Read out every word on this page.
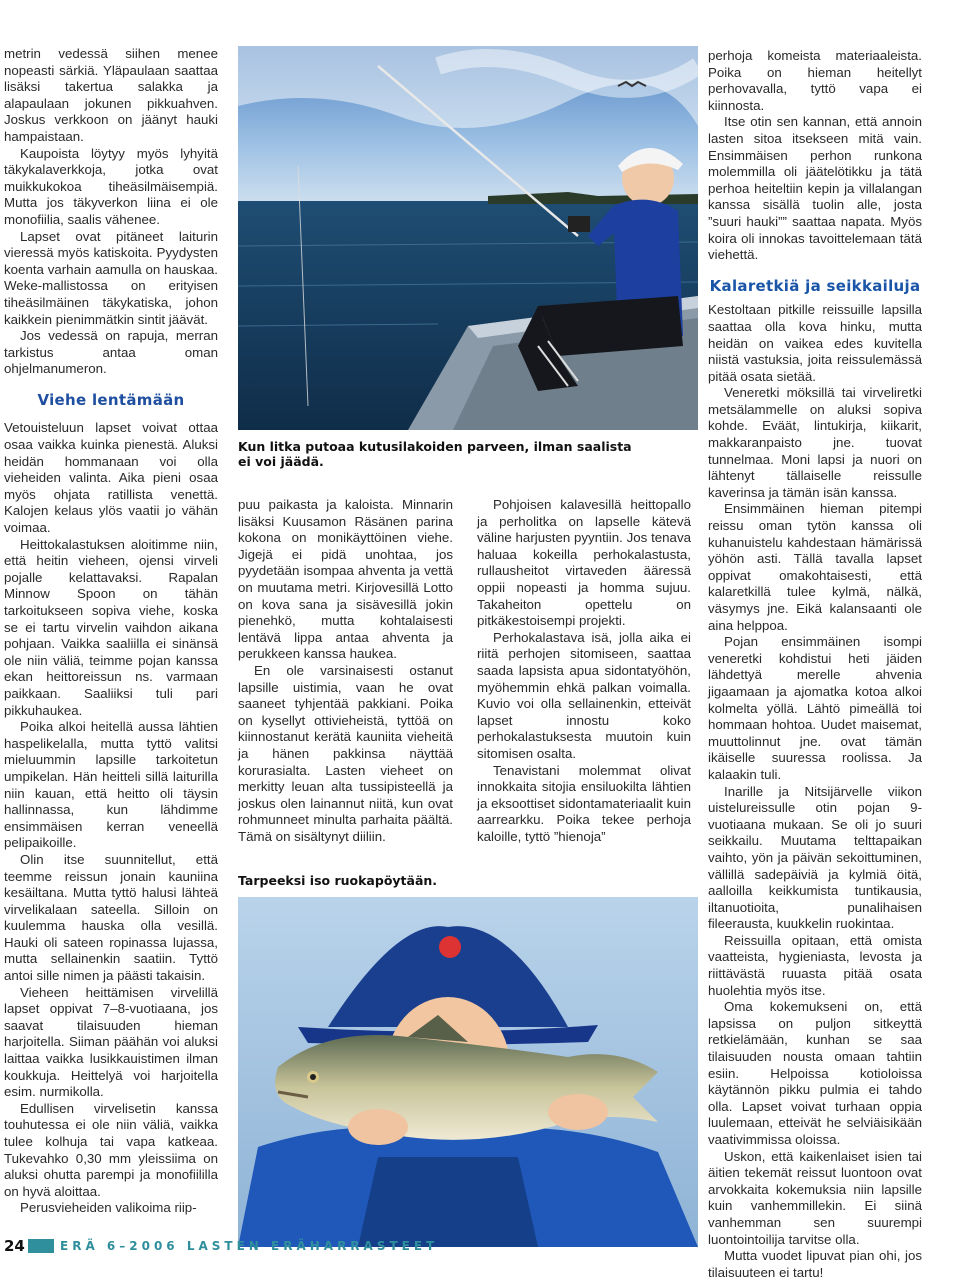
metrin vedessä siihen menee nopeasti särkiä. Yläpaulaan saattaa lisäksi takertua salakka ja alapaulaan jokunen pikkuahven. Joskus verkkoon on jäänyt hauki hampaistaan.

Kaupoista löytyy myös lyhyitä täkykalaverkkoja, jotka ovat muikkukokoa tiheäsilmäisempiä. Mutta jos täkyverkon liina ei ole monofiilia, saalis vähenee.

Lapset ovat pitäneet laiturin vieressä myös katiskoita. Pyydysten koenta varhain aamulla on hauskaa. Weke-mallistossa on erityisen tiheäsilmäinen täkykatiska, johon kaikkein pienimmätkin sintit jäävät.

Jos vedessä on rapuja, merran tarkistus antaa oman ohjelmanumeron.

Viehe lentämään

Vetouisteluun lapset voivat ottaa osaa vaikka kuinka pienestä. Aluksi heidän hommanaan voi olla vieheiden valinta. Aika pieni osaa myös ohjata ratillista venettä. Kalojen kelaus ylös vaatii jo vähän voimaa.

Heittokalastuksen aloitimme niin, että heitin vieheen, ojensi virveli pojalle kelattavaksi. Rapalan Minnow Spoon on tähän tarkoitukseen sopiva viehe, koska se ei tartu virvelin vaihdon aikana pohjaan. Vaikka saaliilla ei sinänsä ole niin väliä, teimme pojan kanssa ekan heittoreissun ns. varmaan paikkaan. Saaliiksi tuli pari pikkuhaukea.

Poika alkoi heitellä aussa lähtien haspelikelalla, mutta tyttö valitsi mieluummin lapsille tarkoitetun umpikelan. Hän heitteli sillä laiturilla niin kauan, että heitto oli täysin hallinnassa, kun lähdimme ensimmäisen kerran veneellä pelipaikoille.

Olin itse suunnitellut, että teemme reissun jonain kauniina kesäiltana. Mutta tyttö halusi lähteä virvelikalaan sateella. Silloin on kuulemma hauska olla vesillä. Hauki oli sateen ropinassa lujassa, mutta sellainenkin saatiin. Tyttö antoi sille nimen ja päästi takaisin.

Vieheen heittämisen virvelillä lapset oppivat 7–8-vuotiaana, jos saavat tilaisuuden hieman harjoitella. Siiman päähän voi aluksi laittaa vaikka lusikkauistimen ilman koukkuja. Heittelyä voi harjoitella esim. nurmikolla.

Edullisen virvelisetin kanssa touhutessa ei ole niin väliä, vaikka tulee kolhuja tai vapa katkeaa. Tukevahko 0,30 mm yleissiima on aluksi ohutta parempi ja monofiililla on hyvä aloittaa.

Perusvieheiden valikoima riip-

Kun litka putoaa kutusilakoiden parveen, ilman saalista ei voi jäädä.

puu paikasta ja kaloista. Minnarin lisäksi Kuusamon Räsänen parina kokona on monikäyttöinen viehe. Jigejä ei pidä unohtaa, jos pyydetään isompaa ahventa ja vettä on muutama metri. Kirjovesillä Lotto on kova sana ja sisävesillä jokin pienehkö, mutta kohtalaisesti lentävä lippa antaa ahventa ja perukkeen kanssa haukea.

En ole varsinaisesti ostanut lapsille uistimia, vaan he ovat saaneet tyhjentää pakkiani. Poika on kysellyt ottivieheistä, tyttöä on kiinnostanut kerätä kauniita vieheitä ja hänen pakkinsa näyttää korurasialta. Lasten vieheet on merkitty leuan alta tussipisteellä ja joskus olen lainannut niitä, kun ovat rohmunneet minulta parhaita päältä. Tämä on sisältynyt diiliin.

Pohjoisen kalavesillä heittopallo ja perholitka on lapselle kätevä väline harjusten pyyntiin. Jos tenava haluaa kokeilla perhokalastusta, rullausheitot virtaveden ääressä oppii nopeasti ja homma sujuu. Takaheiton opettelu on pitkäkestoisempi projekti.

Perhokalastava isä, jolla aika ei riitä perhojen sitomiseen, saattaa saada lapsista apua sidontatyöhön, myöhemmin ehkä palkan voimalla. Kuvio voi olla sellainenkin, etteivät lapset innostu koko perhokalastuksesta muutoin kuin sitomisen osalta.

Tenavistani molemmat olivat innokkaita sitojia ensiluokilta lähtien ja eksoottiset sidontamateriaalit kuin aarrearkku. Poika tekee perhoja kaloille, tyttö ”hienoja”

Tarpeeksi iso ruokapöytään.

perhoja komeista materiaaleista. Poika on hieman heitellyt perhovavalla, tyttö vapa ei kiinnosta.

Itse otin sen kannan, että annoin lasten sitoa itsekseen mitä vain. Ensimmäisen perhon runkona molemmilla oli jäätelötikku ja tätä perhoa heiteltiin kepin ja villalangan kanssa sisällä tuolin alle, josta ”suuri hauki”” saattaa napata. Myös koira oli innokas tavoittelemaan tätä viehettä.

Kalaretkiä ja seikkailuja

Kestoltaan pitkille reissuille lapsilla saattaa olla kova hinku, mutta heidän on vaikea edes kuvitella niistä vastuksia, joita reissulemässä pitää osata sietää.

Veneretki möksillä tai virveliretki metsälammelle on aluksi sopiva kohde. Eväät, lintukirja, kiikarit, makkaranpaisto jne. tuovat tunnelmaa. Moni lapsi ja nuori on lähtenyt tällaiselle reissulle kaverinsa ja tämän isän kanssa.

Ensimmäinen hieman pitempi reissu oman tytön kanssa oli kuhanuistelu kahdestaan hämärissä yöhön asti. Tällä tavalla lapset oppivat omakohtaisesti, että kalaretkillä tulee kylmä, nälkä, väsymys jne. Eikä kalansaanti ole aina helppoa.

Pojan ensimmäinen isompi veneretki kohdistui heti jäiden lähdettyä merelle ahvenia jigaamaan ja ajomatka kotoa alkoi kolmelta yöllä. Lähtö pimeällä toi hommaan hohtoa. Uudet maisemat, muuttolinnut jne. ovat tämän ikäiselle suuressa roolissa. Ja kalaakin tuli.

Inarille ja Nitsijärvelle viikon uistelureissulle otin pojan 9-vuotiaana mukaan. Se oli jo suuri seikkailu. Muutama telttapaikan vaihto, yön ja päivän sekoittuminen, vällillä sadepäiviä ja kylmiä öitä, aalloilla keikkumista tuntikausia, iltanuotioita, punalihaisen fileerausta, kuukkelin ruokintaa.

Reissuilla opitaan, että omista vaatteista, hygieniasta, levosta ja riittävästä ruuasta pitää osata huolehtia myös itse.

Oma kokemukseni on, että lapsissa on puljon sitkeyttä retkielämään, kunhan se saa tilaisuuden nousta omaan tahtiin esiin. Helpoissa kotioloissa käytännön pikku pulmia ei tahdo olla. Lapset voivat turhaan oppia luulemaan, etteivät he selviäisikään vaativimmissa oloissa.

Uskon, että kaikenlaiset isien tai äitien tekemät reissut luontoon ovat arvokkaita kokemuksia niin lapsille kuin vanhemmillekin. Ei siinä vanhemman sen suurempi luontointoilija tarvitse olla.

Mutta vuodet lipuvat pian ohi, jos tilaisuuteen ei tartu!

24	ERÄ 6–2006 LASTEN ERÄHARRASTEET
